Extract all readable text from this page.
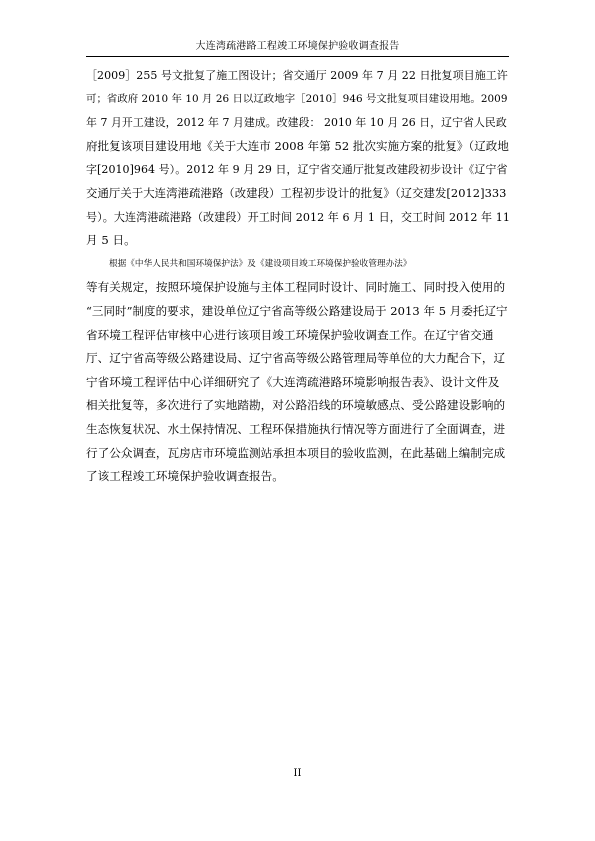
大连湾疏港路工程竣工环境保护验收调查报告
［2009］255 号文批复了施工图设计；省交通厅 2009 年 7 月 22 日批复项目施工许
可；省政府 2010 年 10 月 26 日以辽政地字［2010］946 号文批复项目建设用地。2009
年 7 月开工建设，2012 年 7 月建成。改建段： 2010 年 10 月 26 日，辽宁省人民政
府批复该项目建设用地《关于大连市 2008 年第 52 批次实施方案的批复》（辽政地
字[2010]964 号）。2012 年 9 月 29 日，辽宁省交通厅批复改建段初步设计《辽宁省
交通厅关于大连湾港疏港路（改建段）工程初步设计的批复》（辽交建发[2012]333
号）。大连湾港疏港路（改建段）开工时间 2012 年 6 月 1 日，交工时间 2012 年 11
月 5 日。
根据《中华人民共和国环境保护法》及《建设项目竣工环境保护验收管理办法》
等有关规定，按照环境保护设施与主体工程同时设计、同时施工、同时投入使用的
“三同时”制度的要求，建设单位辽宁省高等级公路建设局于 2013 年 5 月委托辽宁
省环境工程评估审核中心进行该项目竣工环境保护验收调查工作。在辽宁省交通
厅、辽宁省高等级公路建设局、辽宁省高等级公路管理局等单位的大力配合下，辽
宁省环境工程评估中心详细研究了《大连湾疏港路环境影响报告表》、设计文件及
相关批复等，多次进行了实地踏勘，对公路沿线的环境敏感点、受公路建设影响的
生态恢复状况、水土保持情况、工程环保措施执行情况等方面进行了全面调查，进
行了公众调查，瓦房店市环境监测站承担本项目的验收监测，在此基础上编制完成
了该工程竣工环境保护验收调查报告。
II
